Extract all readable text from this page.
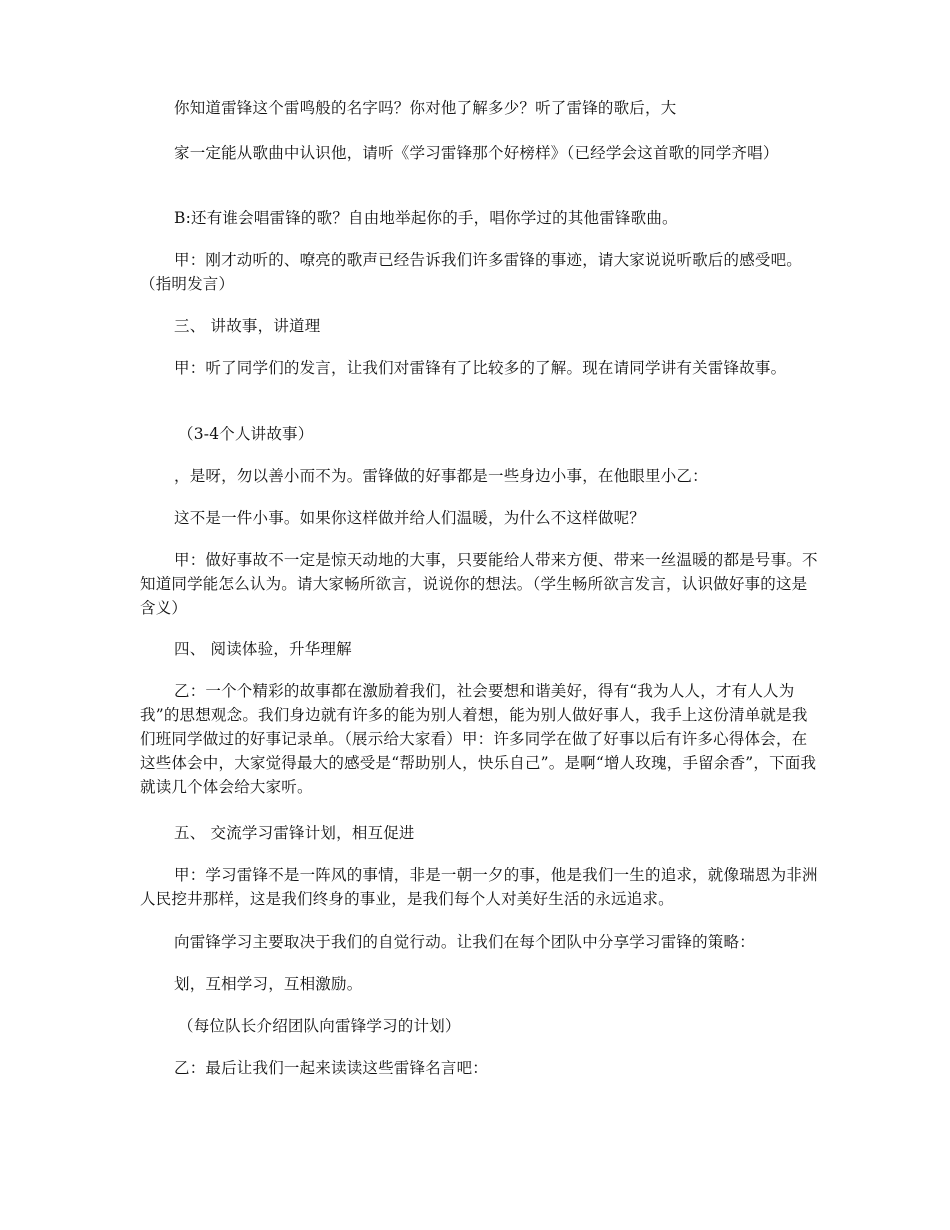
你知道雷锋这个雷鸣般的名字吗？你对他了解多少？听了雷锋的歌后，大
家一定能从歌曲中认识他，请听《学习雷锋那个好榜样》（已经学会这首歌的同学齐唱）
B:还有谁会唱雷锋的歌？自由地举起你的手，唱你学过的其他雷锋歌曲。
甲：刚才动听的、嘹亮的歌声已经告诉我们许多雷锋的事迹，请大家说说听歌后的感受吧。（指明发言）
三、 讲故事，讲道理
甲：听了同学们的发言，让我们对雷锋有了比较多的了解。现在请同学讲有关雷锋故事。
（3-4个人讲故事）
，是呀，勿以善小而不为。雷锋做的好事都是一些身边小事，在他眼里小乙：
这不是一件小事。如果你这样做并给人们温暖，为什么不这样做呢？
甲：做好事故不一定是惊天动地的大事，只要能给人带来方便、带来一丝温暖的都是号事。不知道同学能怎么认为。请大家畅所欲言，说说你的想法。（学生畅所欲言发言，认识做好事的这是含义）
四、 阅读体验，升华理解
乙：一个个精彩的故事都在激励着我们，社会要想和谐美好，得有“我为人人，才有人人为我”的思想观念。我们身边就有许多的能为别人着想，能为别人做好事人，我手上这份清单就是我们班同学做过的好事记录单。（展示给大家看）甲：许多同学在做了好事以后有许多心得体会，在这些体会中，大家觉得最大的感受是“帮助别人，快乐自己”。是啊“增人玫瑰，手留余香”，下面我就读几个体会给大家听。
五、 交流学习雷锋计划，相互促进
甲：学习雷锋不是一阵风的事情，非是一朝一夕的事，他是我们一生的追求，就像瑞恩为非洲人民挖井那样，这是我们终身的事业，是我们每个人对美好生活的永远追求。
向雷锋学习主要取决于我们的自觉行动。让我们在每个团队中分享学习雷锋的策略：
划，互相学习，互相激励。
（每位队长介绍团队向雷锋学习的计划）
乙：最后让我们一起来读读这些雷锋名言吧：
